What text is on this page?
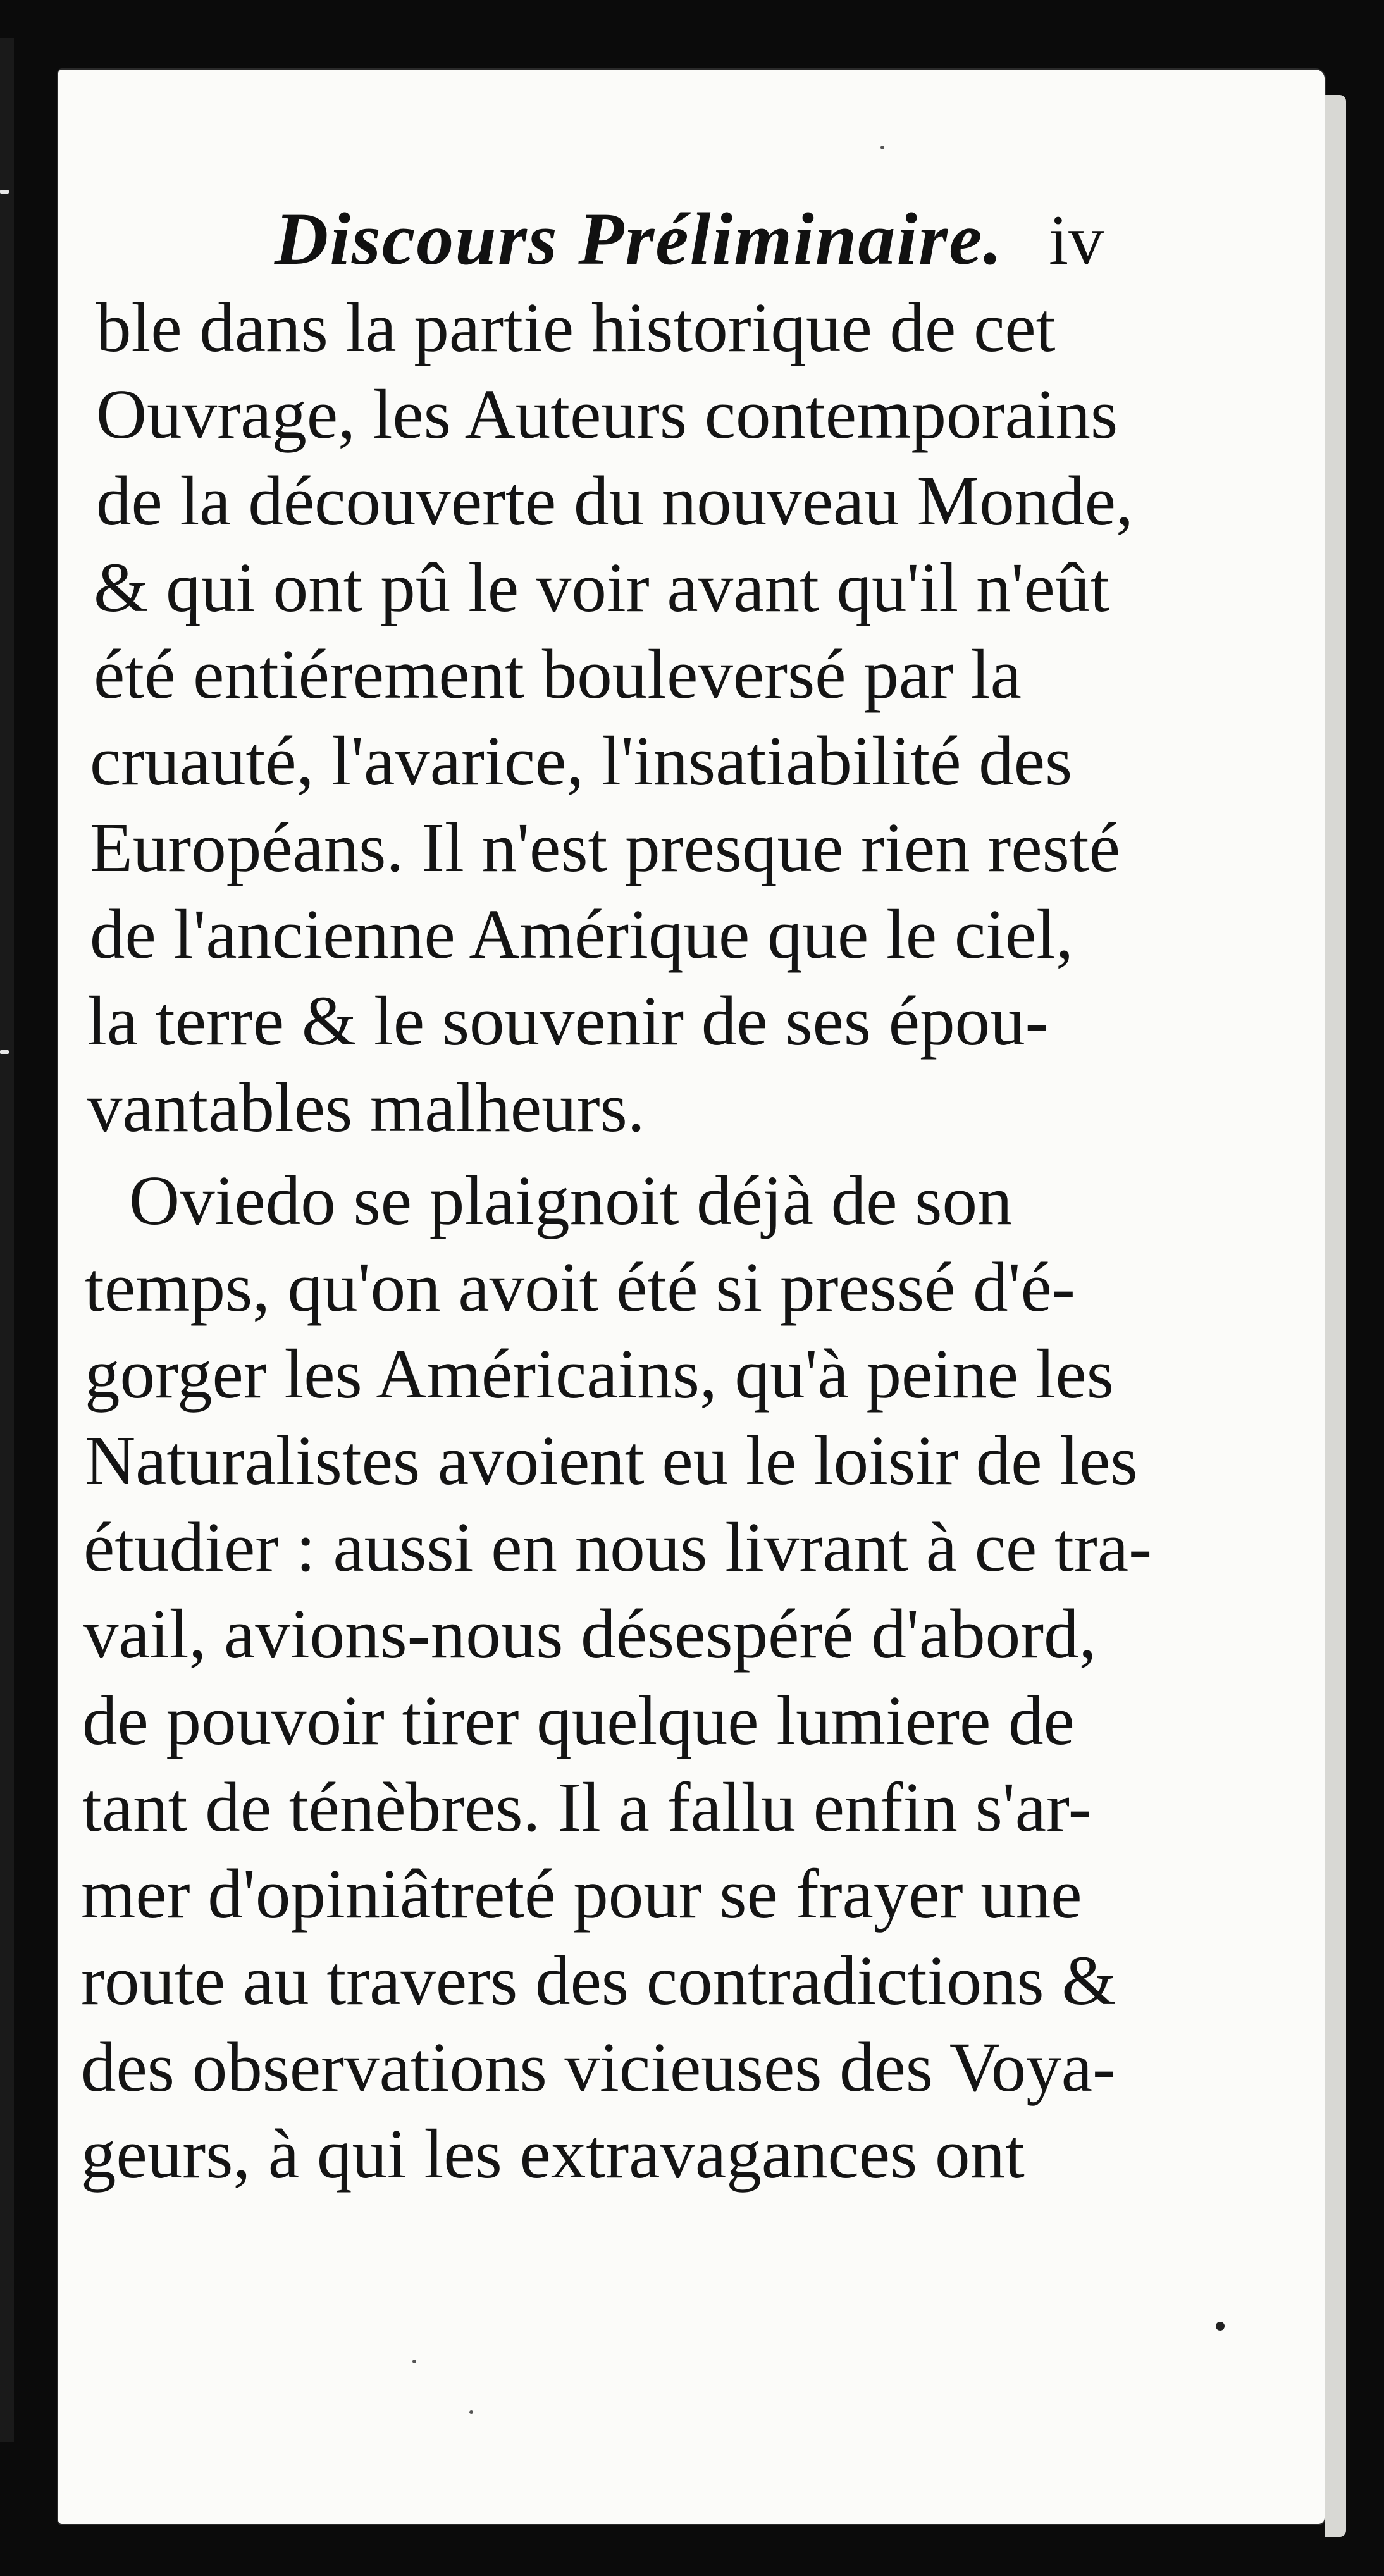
Discours Préliminaire. iv
ble dans la partie historique de cet
Ouvrage, les Auteurs contemporains
de la découverte du nouveau Monde,
& qui ont pû le voir avant qu'il n'eût
été entiérement bouleversé par la
cruauté, l'avarice, l'insatiabilité des
Européans. Il n'est presque rien resté
de l'ancienne Amérique que le ciel,
la terre & le souvenir de ses épou-
vantables malheurs.
Oviedo se plaignoit déjà de son
temps, qu'on avoit été si pressé d'é-
gorger les Américains, qu'à peine les
Naturalistes avoient eu le loisir de les
étudier : aussi en nous livrant à ce tra-
vail, avions-nous désespéré d'abord,
de pouvoir tirer quelque lumiere de
tant de ténèbres. Il a fallu enfin s'ar-
mer d'opiniâtreté pour se frayer une
route au travers des contradictions &
des observations vicieuses des Voya-
geurs, à qui les extravagances ont
